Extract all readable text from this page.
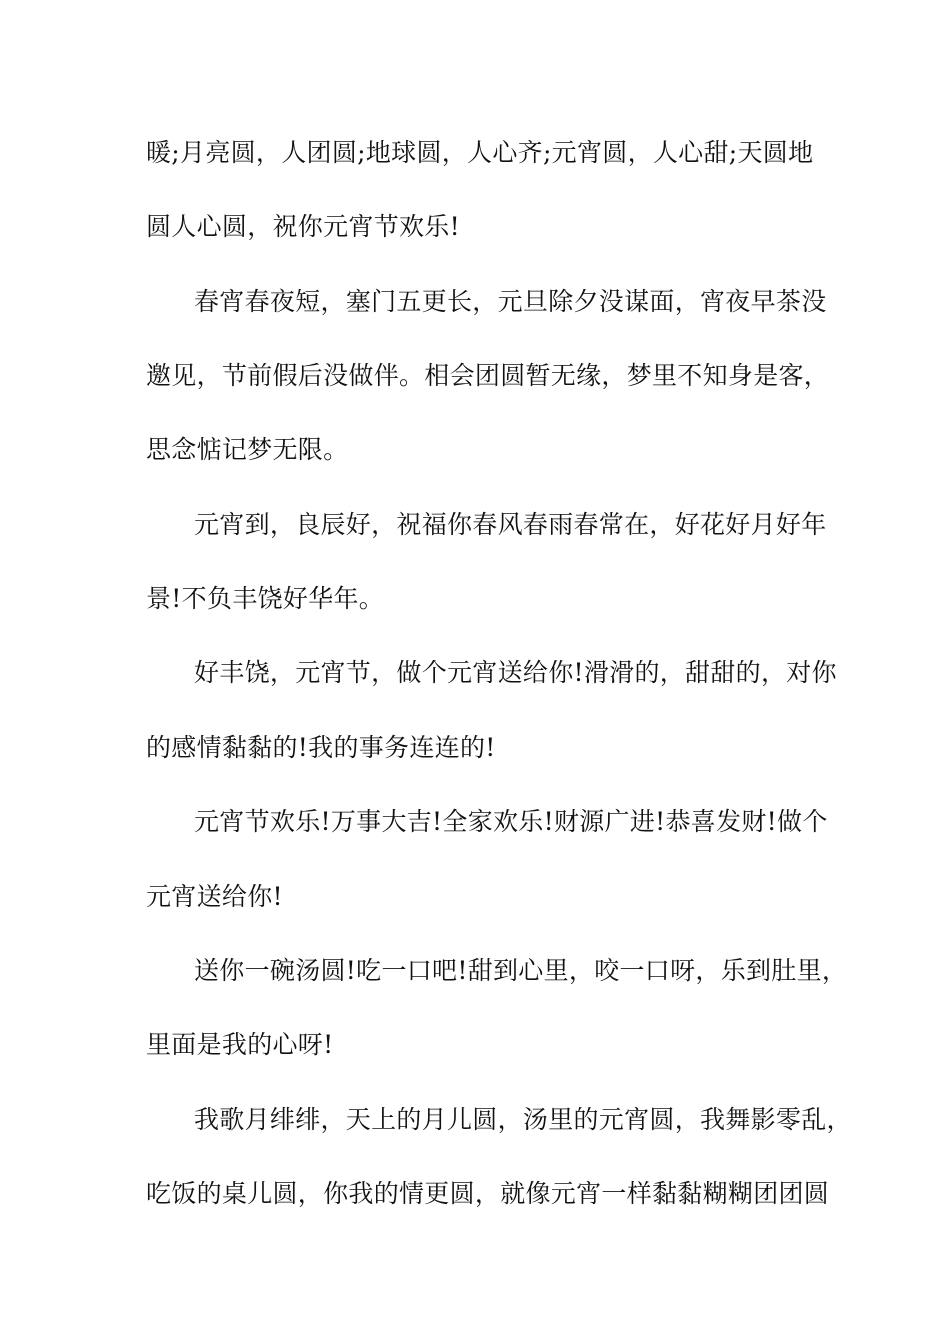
暖;月亮圆，人团圆;地球圆，人心齐;元宵圆，人心甜;天圆地
圆人心圆，祝你元宵节欢乐!
春宵春夜短，塞门五更长，元旦除夕没谋面，宵夜早茶没
邀见，节前假后没做伴。相会团圆暂无缘，梦里不知身是客，
思念惦记梦无限。
元宵到，良辰好，祝福你春风春雨春常在，好花好月好年
景!不负丰饶好华年。
好丰饶，元宵节，做个元宵送给你!滑滑的，甜甜的，对你
的感情黏黏的!我的事务连连的!
元宵节欢乐!万事大吉!全家欢乐!财源广进!恭喜发财!做个
元宵送给你!
送你一碗汤圆!吃一口吧!甜到心里，咬一口呀，乐到肚里，
里面是我的心呀!
我歌月绯绯，天上的月儿圆，汤里的元宵圆，我舞影零乱，
吃饭的桌儿圆，你我的情更圆，就像元宵一样黏黏糊糊团团圆
